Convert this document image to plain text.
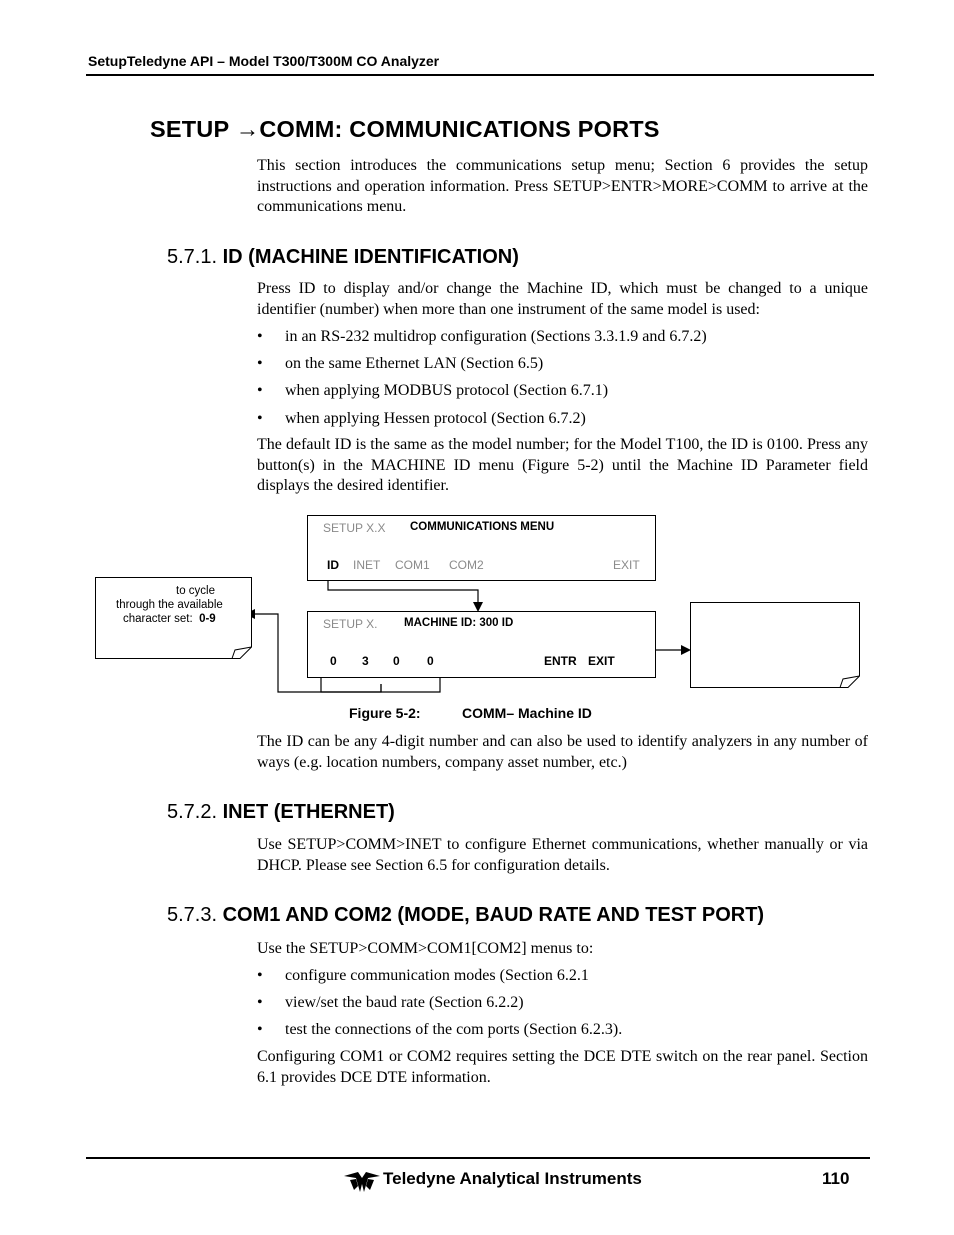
SetupTeledyne API – Model T300/T300M CO Analyzer
SETUP →COMM: COMMUNICATIONS PORTS
This section introduces the communications setup menu; Section 6 provides the setup instructions and operation information. Press SETUP>ENTR>MORE>COMM to arrive at the communications menu.
5.7.1. ID (MACHINE IDENTIFICATION)
Press ID to display and/or change the Machine ID, which must be changed to a unique identifier (number) when more than one instrument of the same model is used:
• in an RS-232 multidrop configuration (Sections 3.3.1.9 and 6.7.2)
• on the same Ethernet LAN (Section 6.5)
• when applying MODBUS protocol (Section 6.7.1)
• when applying Hessen protocol (Section 6.7.2)
The default ID is the same as the model number; for the Model T100, the ID is 0100. Press any button(s) in the MACHINE ID menu (Figure 5-2) until the Machine ID Parameter field displays the desired identifier.
SETUP X.X COMMUNICATIONS MENU
ID INET COM1 COM2	EXIT
SETUP X. MACHINE ID: 300 ID
0 3 0 0	ENTR EXIT
to cycle
through the available
character set: 0-9
Figure 5-2:	COMM– Machine ID
The ID can be any 4-digit number and can also be used to identify analyzers in any number of ways (e.g. location numbers, company asset number, etc.)
5.7.2. INET (ETHERNET)
Use SETUP>COMM>INET to configure Ethernet communications, whether manually or via DHCP. Please see Section 6.5 for configuration details.
5.7.3. COM1 AND COM2 (MODE, BAUD RATE AND TEST PORT)
Use the SETUP>COMM>COM1[COM2] menus to:
• configure communication modes (Section 6.2.1
• view/set the baud rate (Section 6.2.2)
• test the connections of the com ports (Section 6.2.3).
Configuring COM1 or COM2 requires setting the DCE DTE switch on the rear panel. Section 6.1 provides DCE DTE information.
Teledyne Analytical Instruments	110
